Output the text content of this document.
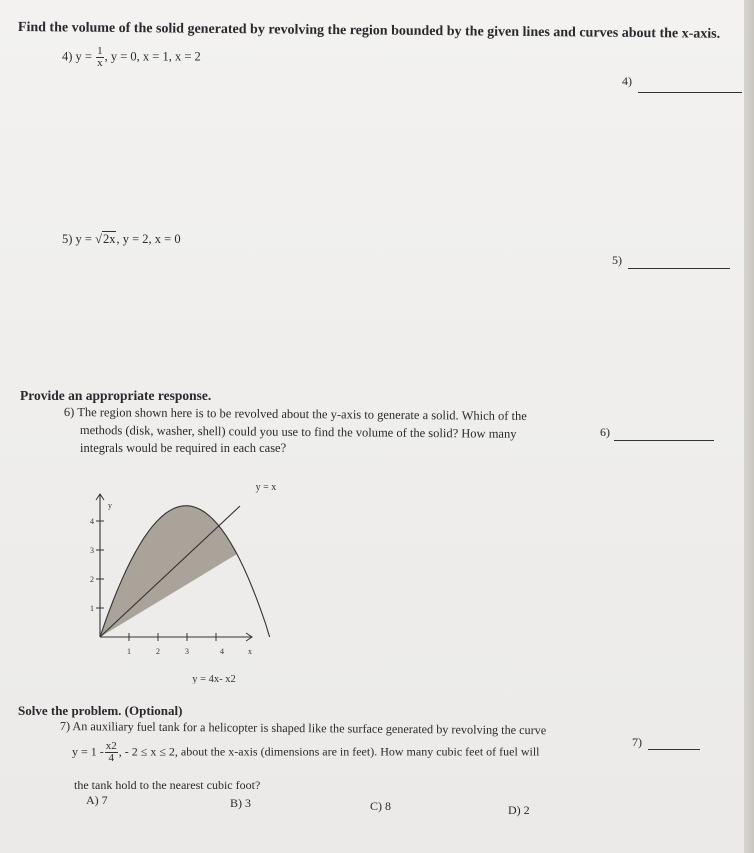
Find the volume of the solid generated by revolving the region bounded by the given lines and curves about the x-axis.
4) $y = \frac{1}{x}$ , y = 0, x = 1, x = 2
4)
5) y = √2x, y = 2, x = 0
5)
Provide an appropriate response.
6) The region shown here is to be revolved about the y-axis to generate a solid. Which of the
methods (disk, washer, shell) could you use to find the volume of the solid? How many
integrals would be required in each case?
6)
1	2	3	4	x
1
2
3
4
y
y = x
y = 4x- x2
Solve the problem. (Optional)
7) An auxiliary fuel tank for a helicopter is shaped like the surface generated by revolving the curve
$y = 1 - \frac{x2}{4}$ , - 2 ≤ x ≤ 2, about the x-axis (dimensions are in feet). How many cubic feet of fuel will
the tank hold to the nearest cubic foot?
7)
A) 7	B) 3	C) 8	D) 2
